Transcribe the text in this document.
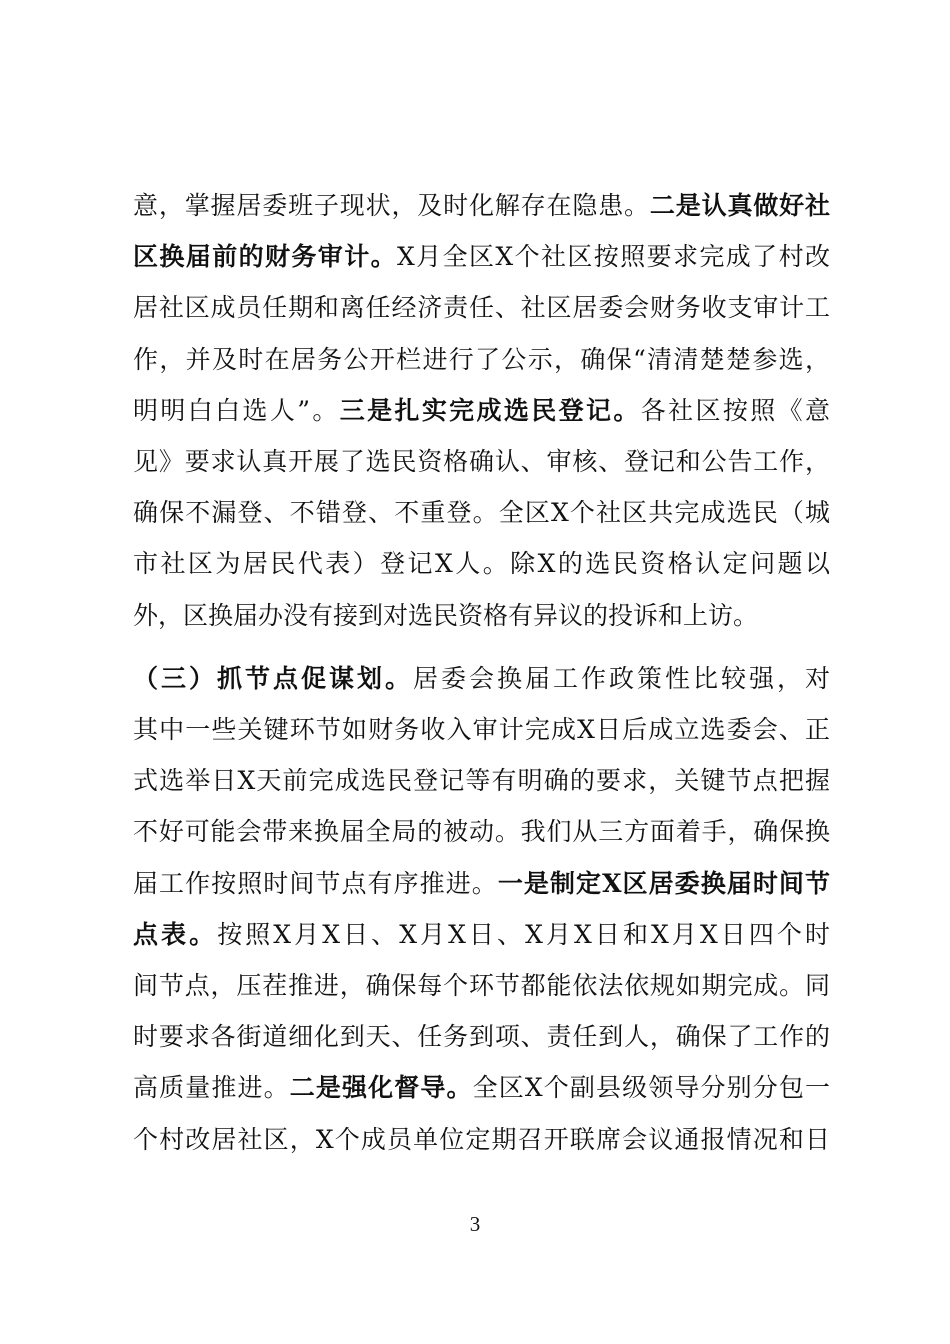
意，掌握居委班子现状，及时化解存在隐患。二是认真做好社
区换届前的财务审计。X月全区X个社区按照要求完成了村改
居社区成员任期和离任经济责任、社区居委会财务收支审计工
作，并及时在居务公开栏进行了公示，确保“清清楚楚参选，
明明白白选人”。三是扎实完成选民登记。各社区按照《意
见》要求认真开展了选民资格确认、审核、登记和公告工作，
确保不漏登、不错登、不重登。全区X个社区共完成选民（城
市社区为居民代表）登记X人。除X的选民资格认定问题以
外，区换届办没有接到对选民资格有异议的投诉和上访。
（三）抓节点促谋划。居委会换届工作政策性比较强，对
其中一些关键环节如财务收入审计完成X日后成立选委会、正
式选举日X天前完成选民登记等有明确的要求，关键节点把握
不好可能会带来换届全局的被动。我们从三方面着手，确保换
届工作按照时间节点有序推进。一是制定X区居委换届时间节
点表。按照X月X日、X月X日、X月X日和X月X日四个时
间节点，压茬推进，确保每个环节都能依法依规如期完成。同
时要求各街道细化到天、任务到项、责任到人，确保了工作的
高质量推进。二是强化督导。全区X个副县级领导分别分包一
个村改居社区，X个成员单位定期召开联席会议通报情况和日
3
